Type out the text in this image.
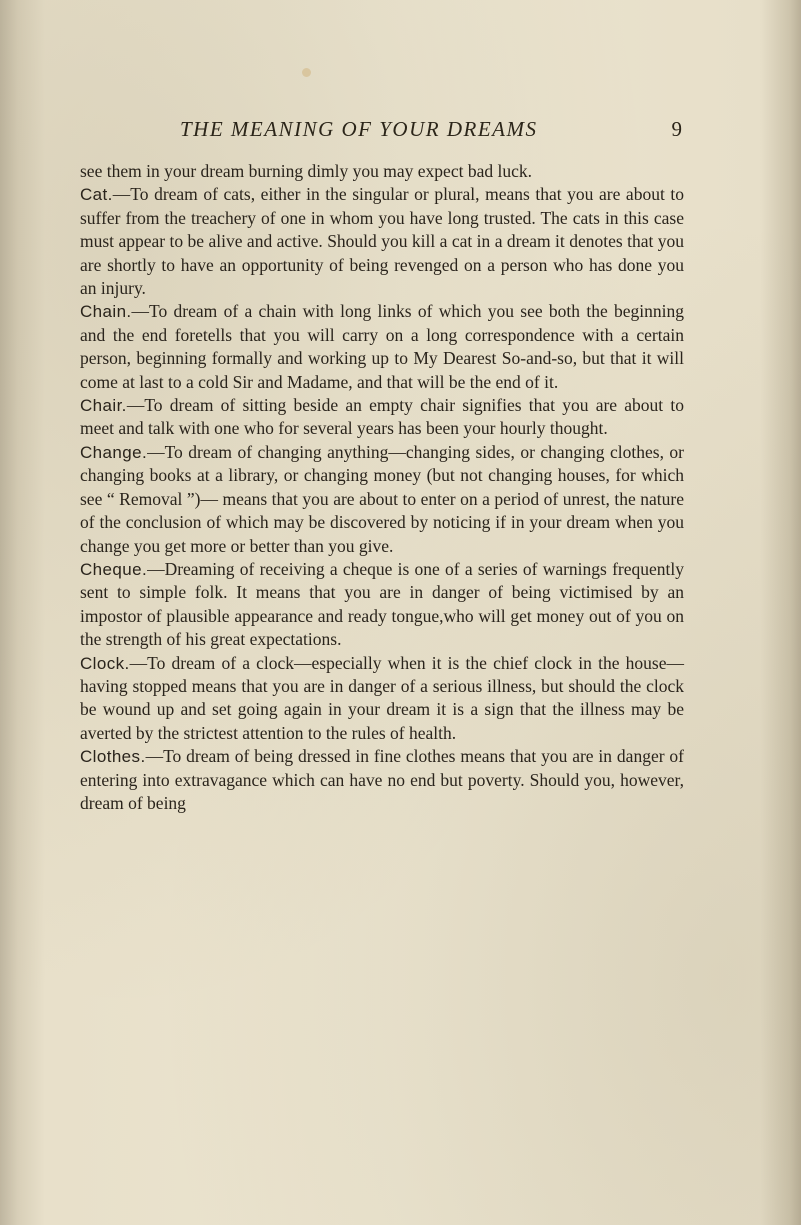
THE MEANING OF YOUR DREAMS	9

see them in your dream burning dimly you may expect bad luck.

Cat.—To dream of cats, either in the singular or plural, means that you are about to suffer from the treachery of one in whom you have long trusted. The cats in this case must appear to be alive and active. Should you kill a cat in a dream it denotes that you are shortly to have an opportunity of being revenged on a person who has done you an injury.

Chain.—To dream of a chain with long links of which you see both the beginning and the end foretells that you will carry on a long correspondence with a certain person, beginning formally and working up to My Dearest So-and-so, but that it will come at last to a cold Sir and Madame, and that will be the end of it.

Chair.—To dream of sitting beside an empty chair signifies that you are about to meet and talk with one who for several years has been your hourly thought.

Change.—To dream of changing anything—changing sides, or changing clothes, or changing books at a library, or changing money (but not changing houses, for which see “ Removal ”)— means that you are about to enter on a period of unrest, the nature of the conclusion of which may be discovered by noticing if in your dream when you change you get more or better than you give.

Cheque.—Dreaming of receiving a cheque is one of a series of warnings frequently sent to simple folk. It means that you are in danger of being victimised by an impostor of plausible appearance and ready tongue,who will get money out of you on the strength of his great expectations.

Clock.—To dream of a clock—especially when it is the chief clock in the house—having stopped means that you are in danger of a serious illness, but should the clock be wound up and set going again in your dream it is a sign that the illness may be averted by the strictest attention to the rules of health.

Clothes.—To dream of being dressed in fine clothes means that you are in danger of entering into extravagance which can have no end but poverty. Should you, however, dream of being
